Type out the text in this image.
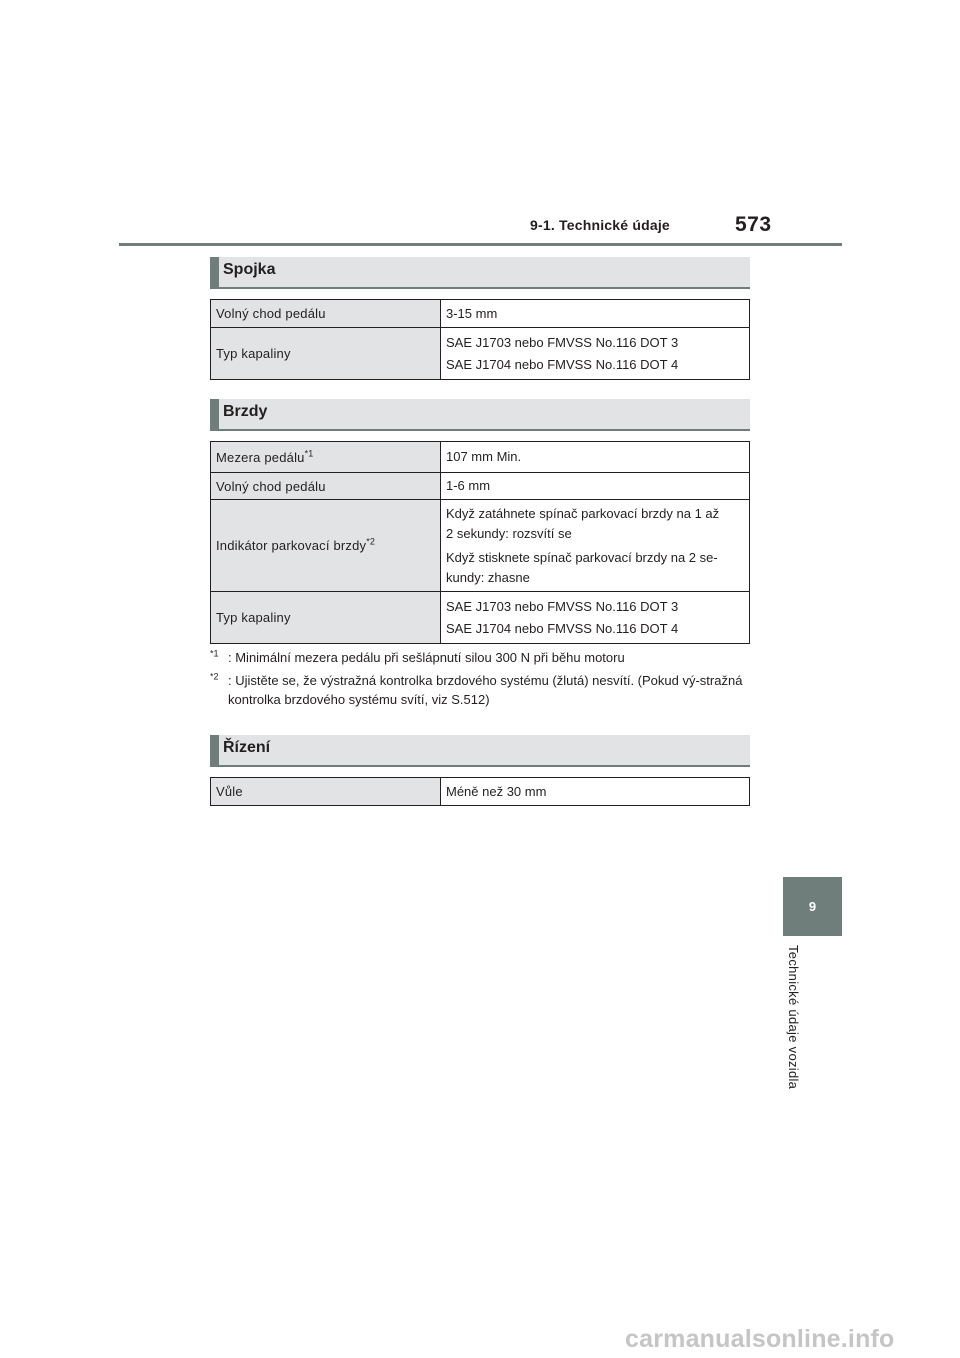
9-1. Technické údaje	573
Spojka
Volný chod pedálu	3-15 mm

Typ kapaliny	SAE J1703 nebo FMVSS No.116 DOT 3
SAE J1704 nebo FMVSS No.116 DOT 4
Brzdy
Mezera pedálu$^{*1}$	107 mm Min.

Volný chod pedálu	1-6 mm

Indikátor parkovací brzdy$^{*2}$	Když zatáhnete spínač parkovací brzdy na 1 až
2 sekundy: rozsvítí se
Když stisknete spínač parkovací brzdy na 2 se-
kundy: zhasne

Typ kapaliny	SAE J1703 nebo FMVSS No.116 DOT 3
SAE J1704 nebo FMVSS No.116 DOT 4
$^{*1}$ : Minimální mezera pedálu při sešlápnutí silou 300 N při běhu motoru
$^{*2}$ : Ujistěte se, že výstražná kontrolka brzdového systému (žlutá) nesvítí. (Pokud vý-stražná kontrolka brzdového systému svítí, viz S.512)
Řízení
Vůle	Méně než 30 mm
9
Technické údaje vozidla
carmanualsonline.info
